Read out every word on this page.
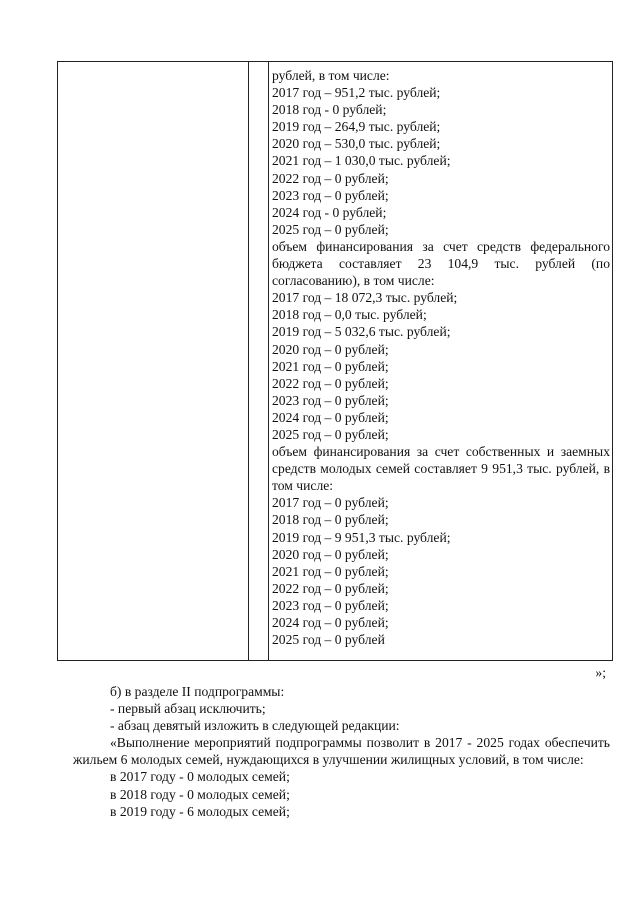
рублей, в том числе:
2017 год – 951,2 тыс. рублей;
2018 год - 0 рублей;
2019 год – 264,9 тыс. рублей;
2020 год – 530,0 тыс. рублей;
2021 год – 1 030,0 тыс. рублей;
2022 год – 0 рублей;
2023 год – 0 рублей;
2024 год - 0 рублей;
2025 год – 0 рублей;
объем финансирования за счет средств федерального бюджета составляет 23 104,9 тыс. рублей (по согласованию), в том числе:
2017 год – 18 072,3 тыс. рублей;
2018 год – 0,0 тыс. рублей;
2019 год – 5 032,6 тыс. рублей;
2020 год – 0 рублей;
2021 год – 0 рублей;
2022 год – 0 рублей;
2023 год – 0 рублей;
2024 год – 0 рублей;
2025 год – 0 рублей;
объем финансирования за счет собственных и заемных средств молодых семей составляет 9 951,3 тыс. рублей, в том числе:
2017 год – 0 рублей;
2018 год – 0 рублей;
2019 год – 9 951,3 тыс. рублей;
2020 год – 0 рублей;
2021 год – 0 рублей;
2022 год – 0 рублей;
2023 год – 0 рублей;
2024 год – 0 рублей;
2025 год – 0 рублей
»;
б) в разделе II подпрограммы:
- первый абзац исключить;
- абзац девятый изложить в следующей редакции:
«Выполнение мероприятий подпрограммы позволит в 2017 - 2025 годах обеспечить жильем 6 молодых семей, нуждающихся в улучшении жилищных условий, в том числе:
в 2017 году - 0 молодых семей;
в 2018 году - 0 молодых семей;
в 2019 году - 6 молодых семей;
